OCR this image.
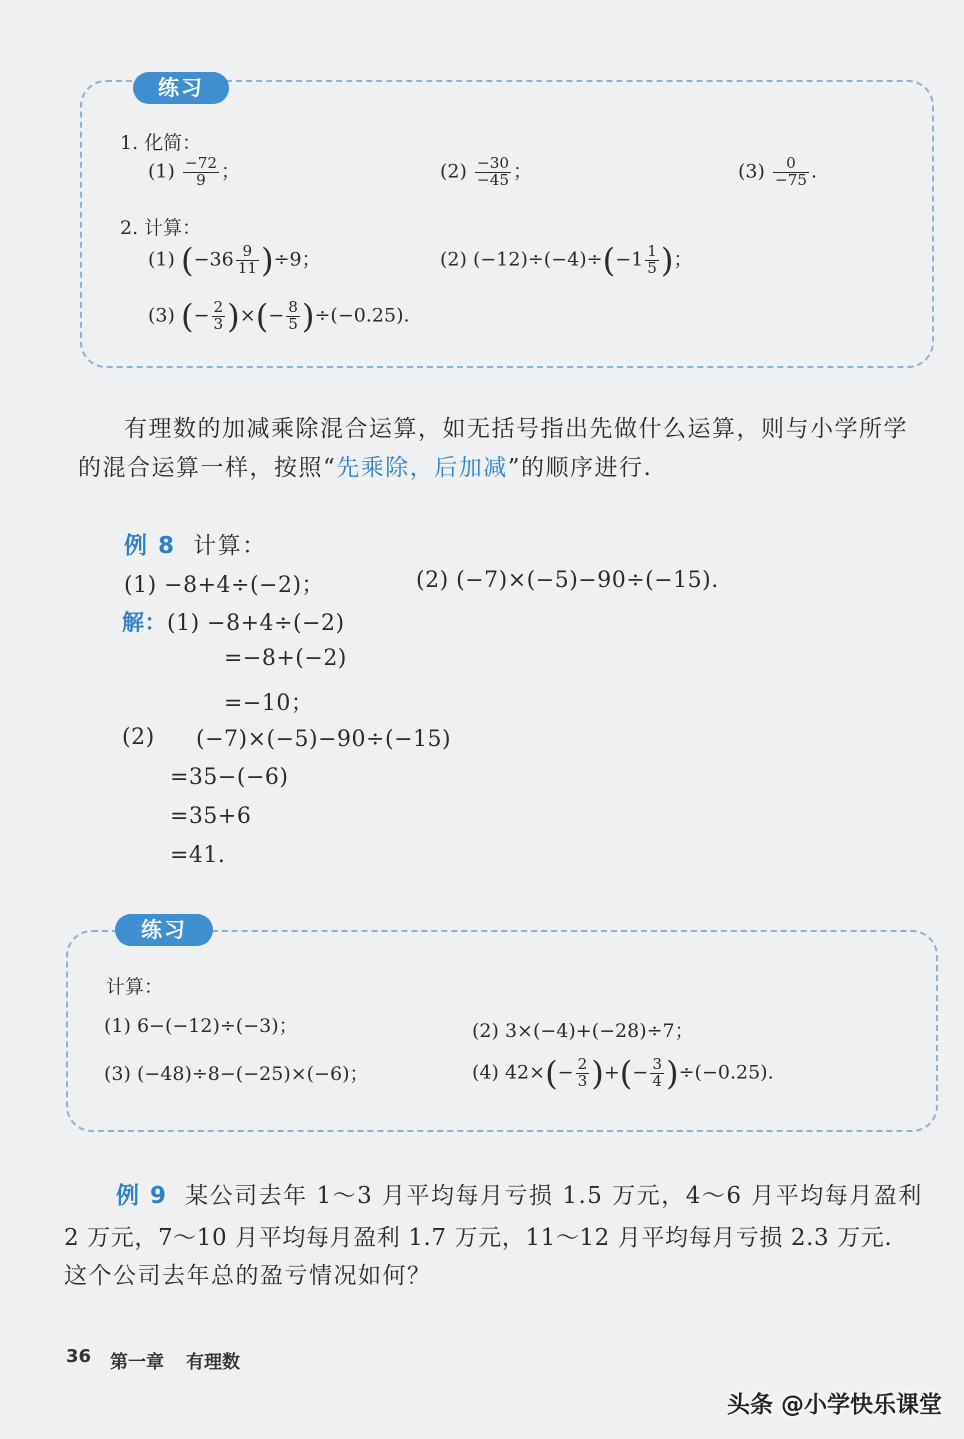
练习
1. 化简：
$(1) \frac{-72}{9}$ ；	$(2) \frac{-30}{-45}$ ；	$(3) \frac{0}{-75}$ .
2. 计算：
(1) $(-36 \frac{9}{11} )\div 9$；	(2) $(-12)\div(-4)\div(-1 \frac{1}{5}$ )；
(3) (− $\frac{2}{3}$ )×(− $\frac{8}{5} )\div(-0.25)$.
有理数的加减乘除混合运算，如无括号指出先做什么运算，则与小学所学
的混合运算一样，按照“先乘除，后加减”的顺序进行.
例 8 计算：
(1) −8+4÷(−2)；	(2) (−7)×(−5)−90÷(−15).
解：(1) −8+4÷(−2)
=−8+(−2)
=−10；
(2) (−7)×(−5)−90÷(−15)
=35−(−6)
=35+6
=41.
练习
计算：
(1) 6−(−12)÷(−3)；	(2) 3×(−4)+(−28)÷7；
(3) (−48)÷8−(−25)×(−6)；	(4) $42\times(- \frac{2}{3}$ )+(− $\frac{3}{4} )\div(-0.25)$.
例 9 某公司去年 1～3 月平均每月亏损 1.5 万元，4～6 月平均每月盈利
2 万元，7～10 月平均每月盈利 1.7 万元，11～12 月平均每月亏损 2.3 万元.
这个公司去年总的盈亏情况如何？
36 第一章 有理数
头条 @小学快乐课堂
